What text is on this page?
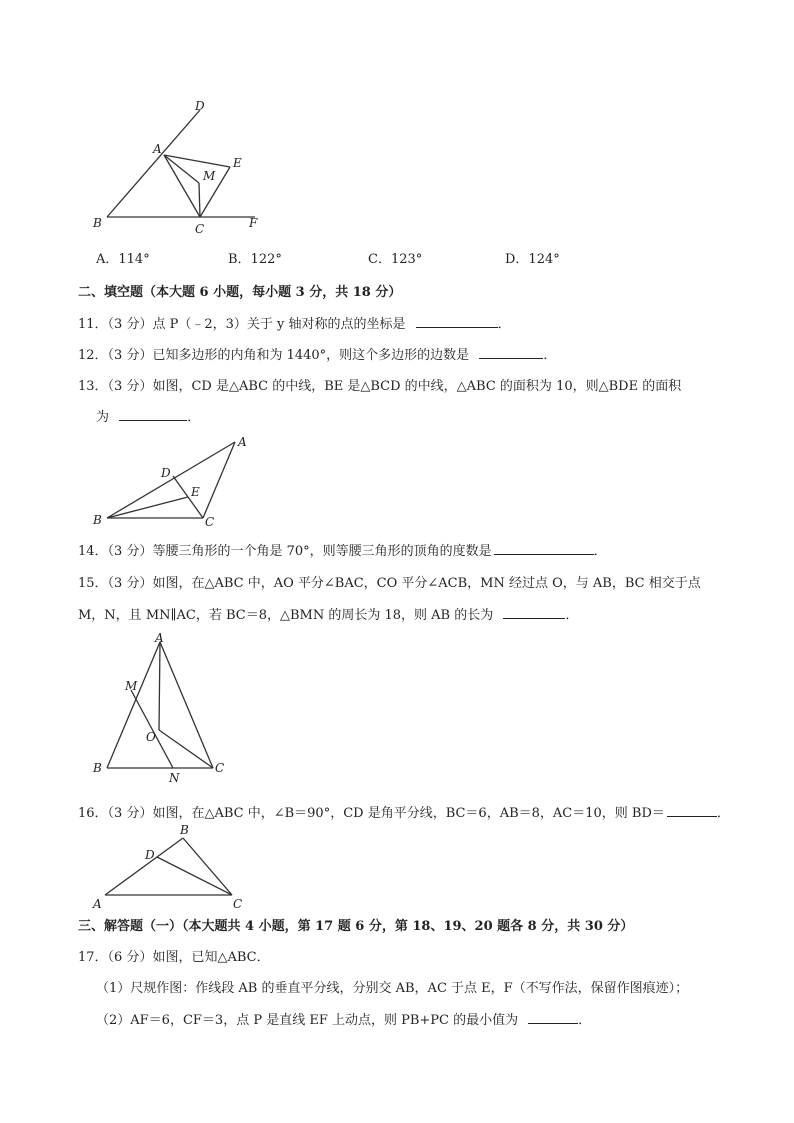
D
A
E
M
B	C	F
A．114°	B．122°	C．123°	D．124°
二、填空题（本大题 6 小题，每小题 3 分，共 18 分）
11．（3 分）点 P（﹣2，3）关于 y 轴对称的点的坐标是	．
12．（3 分）已知多边形的内角和为 1440°，则这个多边形的边数是	．
13．（3 分）如图，CD 是△ABC 的中线，BE 是△BCD 的中线，△ABC 的面积为 10，则△BDE 的面积
为	．
A
D
E
B	C
14．（3 分）等腰三角形的一个角是 70°，则等腰三角形的顶角的度数是	．
15．（3 分）如图，在△ABC 中，AO 平分∠BAC，CO 平分∠ACB，MN 经过点 O，与 AB，BC 相交于点
M，N，且 MN∥AC，若 BC＝8，△BMN 的周长为 18，则 AB 的长为	．
A
M
O
B
N
C
16．（3 分）如图，在△ABC 中，∠B＝90°，CD 是角平分线，BC＝6，AB＝8，AC＝10，则 BD＝	．
B
D
A	C
三、解答题（一）（本大题共 4 小题，第 17 题 6 分，第 18、19、20 题各 8 分，共 30 分）
17．（6 分）如图，已知△ABC．
（1）尺规作图：作线段 AB 的垂直平分线，分别交 AB，AC 于点 E，F（不写作法，保留作图痕迹）；
（2）AF＝6，CF＝3，点 P 是直线 EF 上动点，则 PB+PC 的最小值为	．
